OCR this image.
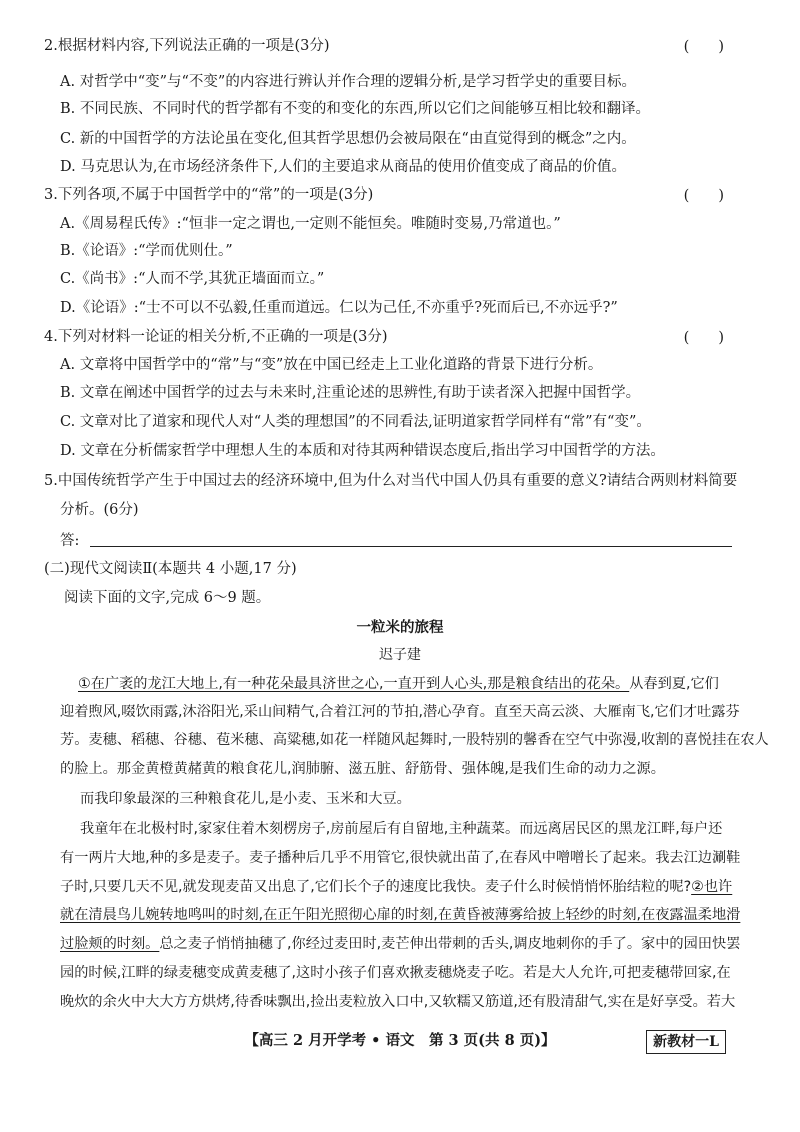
2.根据材料内容,下列说法正确的一项是(3分)	(　　)
A. 对哲学中“变”与“不变”的内容进行辨认并作合理的逻辑分析,是学习哲学史的重要目标。
B. 不同民族、不同时代的哲学都有不变的和变化的东西,所以它们之间能够互相比较和翻译。
C. 新的中国哲学的方法论虽在变化,但其哲学思想仍会被局限在“由直觉得到的概念”之内。
D. 马克思认为,在市场经济条件下,人们的主要追求从商品的使用价值变成了商品的价值。
3.下列各项,不属于中国哲学中的“常”的一项是(3分)	(　　)
A.《周易程氏传》:“恒非一定之谓也,一定则不能恒矣。唯随时变易,乃常道也。”
B.《论语》:“学而优则仕。”
C.《尚书》:“人而不学,其犹正墙面而立。”
D.《论语》:“士不可以不弘毅,任重而道远。仁以为己任,不亦重乎?死而后已,不亦远乎?”
4.下列对材料一论证的相关分析,不正确的一项是(3分)	(　　)
A. 文章将中国哲学中的“常”与“变”放在中国已经走上工业化道路的背景下进行分析。
B. 文章在阐述中国哲学的过去与未来时,注重论述的思辨性,有助于读者深入把握中国哲学。
C. 文章对比了道家和现代人对“人类的理想国”的不同看法,证明道家哲学同样有“常”有“变”。
D. 文章在分析儒家哲学中理想人生的本质和对待其两种错误态度后,指出学习中国哲学的方法。
5.中国传统哲学产生于中国过去的经济环境中,但为什么对当代中国人仍具有重要的意义?请结合两则材料简要
分析。(6分)
答:
(二)现代文阅读Ⅱ(本题共 4 小题,17 分)
阅读下面的文字,完成 6～9 题。
一粒米的旅程
迟子建
①在广袤的龙江大地上,有一种花朵最具济世之心,一直开到人心头,那是粮食结出的花朵。从春到夏,它们
迎着煦风,啜饮雨露,沐浴阳光,采山间精气,合着江河的节拍,潜心孕育。直至天高云淡、大雁南飞,它们才吐露芬
芳。麦穗、稻穗、谷穗、苞米穗、高粱穗,如花一样随风起舞时,一股特别的馨香在空气中弥漫,收割的喜悦挂在农人
的脸上。那金黄橙黄赭黄的粮食花儿,润肺腑、滋五脏、舒筋骨、强体魄,是我们生命的动力之源。
而我印象最深的三种粮食花儿,是小麦、玉米和大豆。
我童年在北极村时,家家住着木刻楞房子,房前屋后有自留地,主种蔬菜。而远离居民区的黑龙江畔,每户还
有一两片大地,种的多是麦子。麦子播种后几乎不用管它,很快就出苗了,在春风中噌噌长了起来。我去江边涮鞋
子时,只要几天不见,就发现麦苗又出息了,它们长个子的速度比我快。麦子什么时候悄悄怀胎结粒的呢?②也许
就在清晨鸟儿婉转地鸣叫的时刻,在正午阳光照彻心扉的时刻,在黄昏被薄雾给披上轻纱的时刻,在夜露温柔地滑
过脸颊的时刻。总之麦子悄悄抽穗了,你经过麦田时,麦芒伸出带刺的舌头,调皮地刺你的手了。家中的园田快罢
园的时候,江畔的绿麦穗变成黄麦穗了,这时小孩子们喜欢揪麦穗烧麦子吃。若是大人允许,可把麦穗带回家,在
晚炊的余火中大大方方烘烤,待香味飘出,捡出麦粒放入口中,又软糯又筋道,还有股清甜气,实在是好享受。若大
【高三 2 月开学考 • 语文　第 3 页(共 8 页)】	新教材一L
